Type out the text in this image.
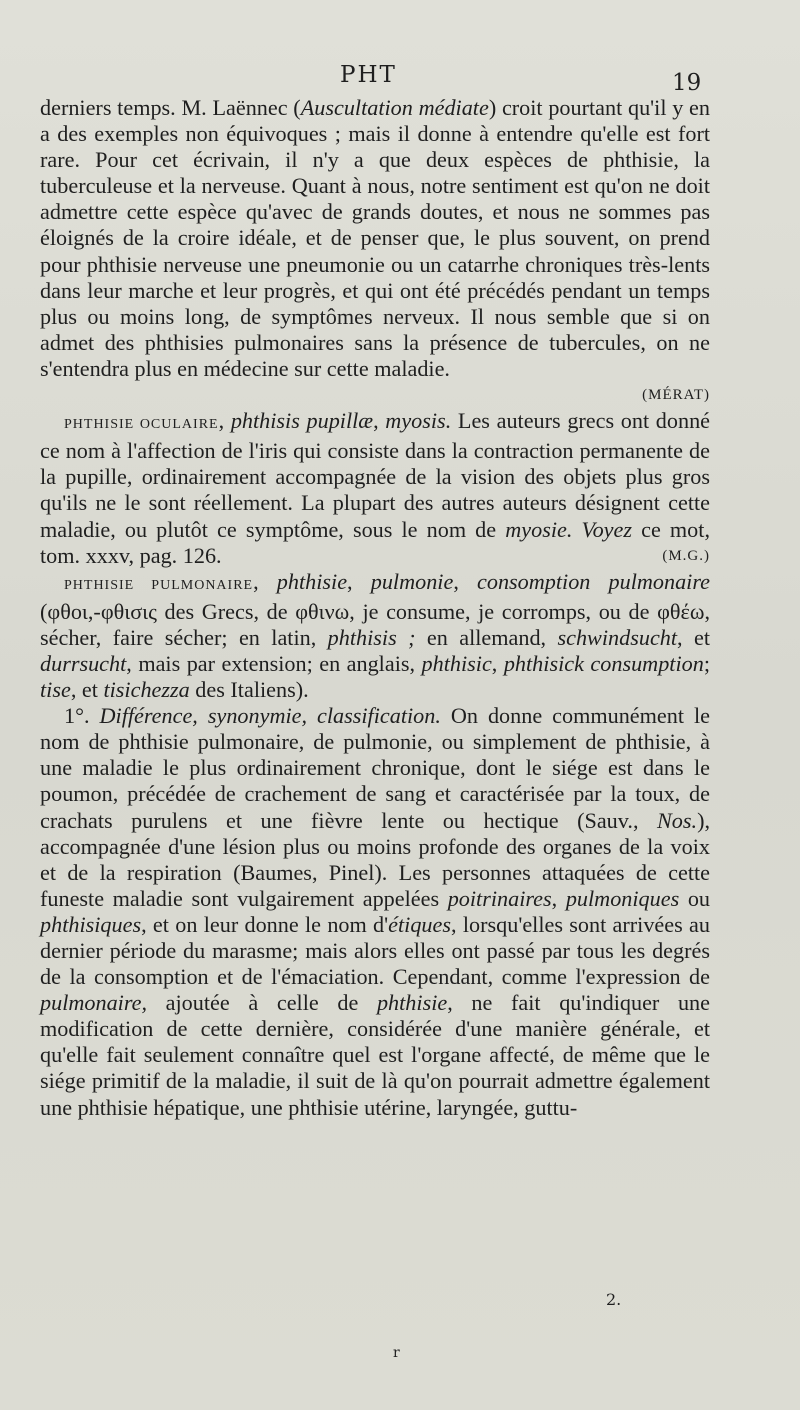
PHT	19

derniers temps. M. Laënnec (Auscultation médiate) croit pourtant qu'il y en a des exemples non équivoques ; mais il donne à entendre qu'elle est fort rare. Pour cet écrivain, il n'y a que deux espèces de phthisie, la tuberculeuse et la nerveuse. Quant à nous, notre sentiment est qu'on ne doit admettre cette espèce qu'avec de grands doutes, et nous ne sommes pas éloignés de la croire idéale, et de penser que, le plus souvent, on prend pour phthisie nerveuse une pneumonie ou un catarrhe chroniques très-lents dans leur marche et leur progrès, et qui ont été précédés pendant un temps plus ou moins long, de symptômes nerveux. Il nous semble que si on admet des phthisies pulmonaires sans la présence de tubercules, on ne s'entendra plus en médecine sur cette maladie.

(MÉRAT)

PHTHISIE OCULAIRE, phthisis pupillæ, myosis. Les auteurs grecs ont donné ce nom à l'affection de l'iris qui consiste dans la contraction permanente de la pupille, ordinairement accompagnée de la vision des objets plus gros qu'ils ne le sont réellement. La plupart des autres auteurs désignent cette maladie, ou plutôt ce symptôme, sous le nom de myosie. Voyez ce mot, tom. xxxv, pag. 126.	(M.G.)

PHTHISIE PULMONAIRE, phthisie, pulmonie, consomption pulmonaire (φθοι,-φθισις des Grecs, de φθινω, je consume, je corromps, ou de φθέω, sécher, faire sécher; en latin, phthisis ; en allemand, schwindsucht, et durrsucht, mais par extension; en anglais, phthisic, phthisick consumption; tise, et tisichezza des Italiens).

1°. Différence, synonymie, classification. On donne communément le nom de phthisie pulmonaire, de pulmonie, ou simplement de phthisie, à une maladie le plus ordinairement chronique, dont le siége est dans le poumon, précédée de crachement de sang et caractérisée par la toux, de crachats purulens et une fièvre lente ou hectique (Sauv., Nos.), accompagnée d'une lésion plus ou moins profonde des organes de la voix et de la respiration (Baumes, Pinel). Les personnes attaquées de cette funeste maladie sont vulgairement appelées poitrinaires, pulmoniques ou phthisiques, et on leur donne le nom d'étiques, lorsqu'elles sont arrivées au dernier période du marasme; mais alors elles ont passé par tous les degrés de la consomption et de l'émaciation. Cependant, comme l'expression de pulmonaire, ajoutée à celle de phthisie, ne fait qu'indiquer une modification de cette dernière, considérée d'une manière générale, et qu'elle fait seulement connaître quel est l'organe affecté, de même que le siége primitif de la maladie, il suit de là qu'on pourrait admettre également une phthisie hépatique, une phthisie utérine, laryngée, guttu-

2.
r
